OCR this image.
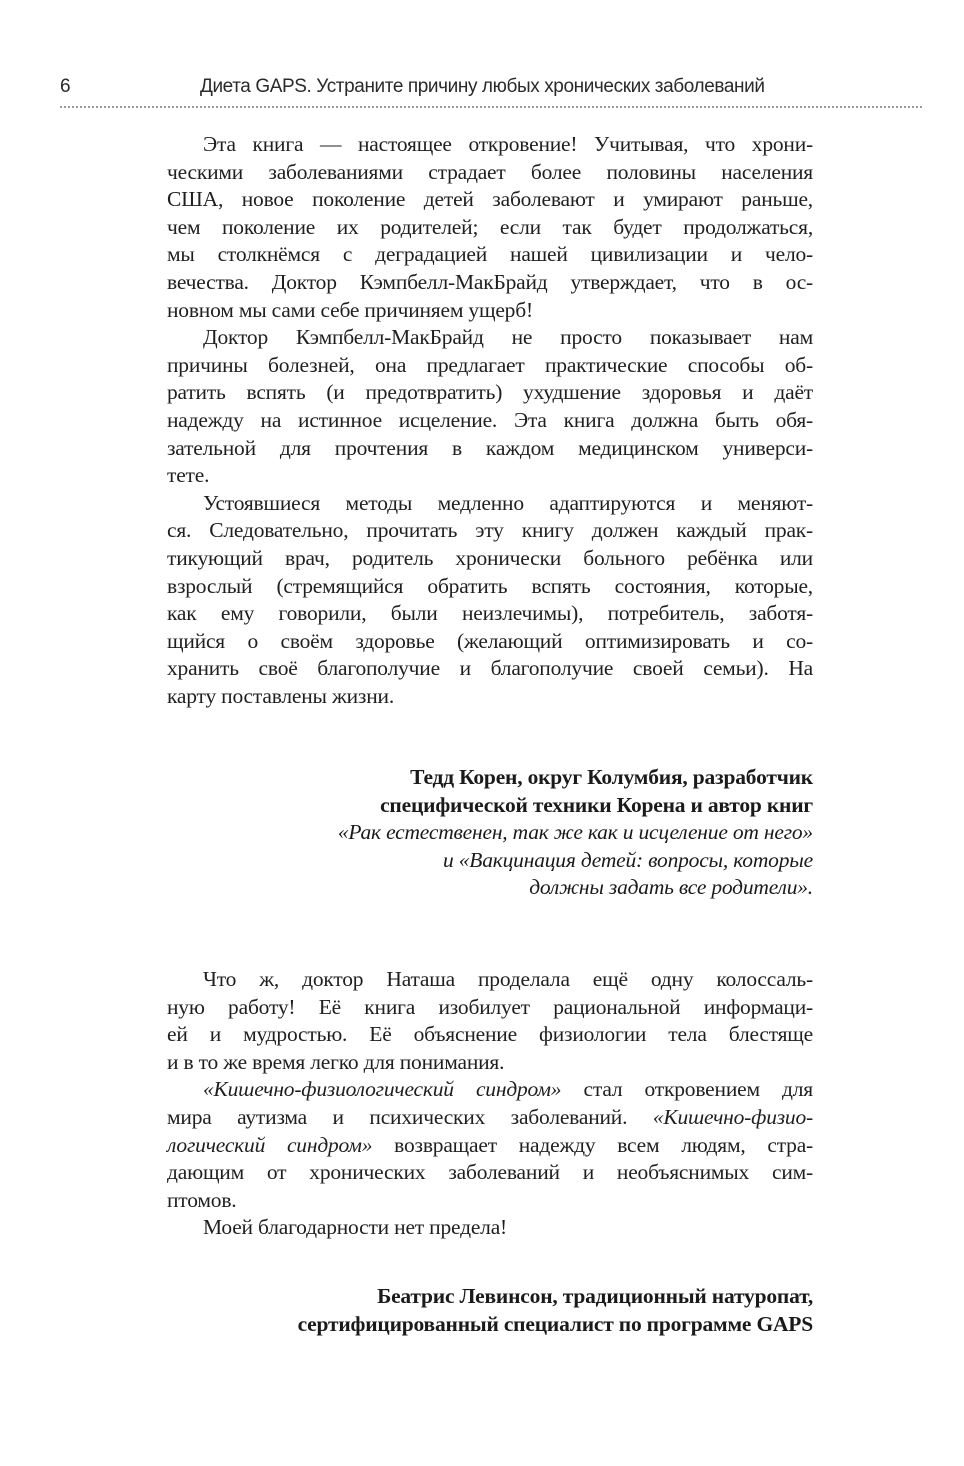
6	Диета GAPS. Устраните причину любых хронических заболеваний
Эта книга — настоящее откровение! Учитывая, что хрони-
ческими заболеваниями страдает более половины населения
США, новое поколение детей заболевают и умирают раньше,
чем поколение их родителей; если так будет продолжаться,
мы столкнёмся с деградацией нашей цивилизации и чело-
вечества. Доктор Кэмпбелл-МакБрайд утверждает, что в ос-
новном мы сами себе причиняем ущерб!
Доктор Кэмпбелл-МакБрайд не просто показывает нам
причины болезней, она предлагает практические способы об-
ратить вспять (и предотвратить) ухудшение здоровья и даёт
надежду на истинное исцеление. Эта книга должна быть обя-
зательной для прочтения в каждом медицинском универси-
тете.
Устоявшиеся методы медленно адаптируются и меняют-
ся. Следовательно, прочитать эту книгу должен каждый прак-
тикующий врач, родитель хронически больного ребёнка или
взрослый (стремящийся обратить вспять состояния, которые,
как ему говорили, были неизлечимы), потребитель, заботя-
щийся о своём здоровье (желающий оптимизировать и со-
хранить своё благополучие и благополучие своей семьи). На
карту поставлены жизни.
Тедд Корен, округ Колумбия, разработчик
специфической техники Корена и автор книг
«Рак естественен, так же как и исцеление от него»
и «Вакцинация детей: вопросы, которые
должны задать все родители».
Что ж, доктор Наташа проделала ещё одну колоссаль-
ную работу! Её книга изобилует рациональной информаци-
ей и мудростью. Её объяснение физиологии тела блестяще
и в то же время легко для понимания.
«Кишечно-физиологический синдром» стал откровением для
мира аутизма и психических заболеваний. «Кишечно-физио-
логический синдром» возвращает надежду всем людям, стра-
дающим от хронических заболеваний и необъяснимых сим-
птомов.
Моей благодарности нет предела!
Беатрис Левинсон, традиционный натуропат,
сертифицированный специалист по программе GAPS
